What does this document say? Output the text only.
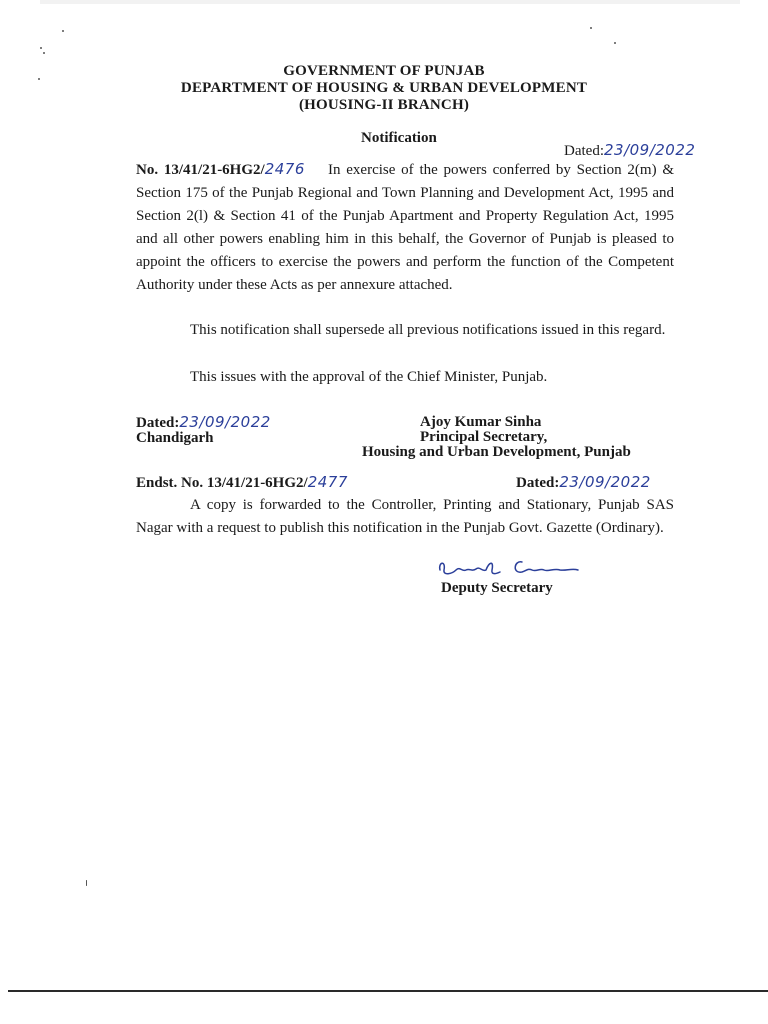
GOVERNMENT OF PUNJAB
DEPARTMENT OF HOUSING & URBAN DEVELOPMENT
(HOUSING-II BRANCH)
Notification
Dated:23/09/2022
No. 13/41/21-6HG2/2476 In exercise of the powers conferred by Section 2(m) & Section 175 of the Punjab Regional and Town Planning and Development Act, 1995 and Section 2(l) & Section 41 of the Punjab Apartment and Property Regulation Act, 1995 and all other powers enabling him in this behalf, the Governor of Punjab is pleased to appoint the officers to exercise the powers and perform the function of the Competent Authority under these Acts as per annexure attached.
This notification shall supersede all previous notifications issued in this regard.
This issues with the approval of the Chief Minister, Punjab.
Dated:23/09/2022
Chandigarh
Ajoy Kumar Sinha
Principal Secretary,
Housing and Urban Development, Punjab
Endst. No. 13/41/21-6HG2/2477	Dated:23/09/2022
A copy is forwarded to the Controller, Printing and Stationary, Punjab SAS Nagar with a request to publish this notification in the Punjab Govt. Gazette (Ordinary).
Deputy Secretary
